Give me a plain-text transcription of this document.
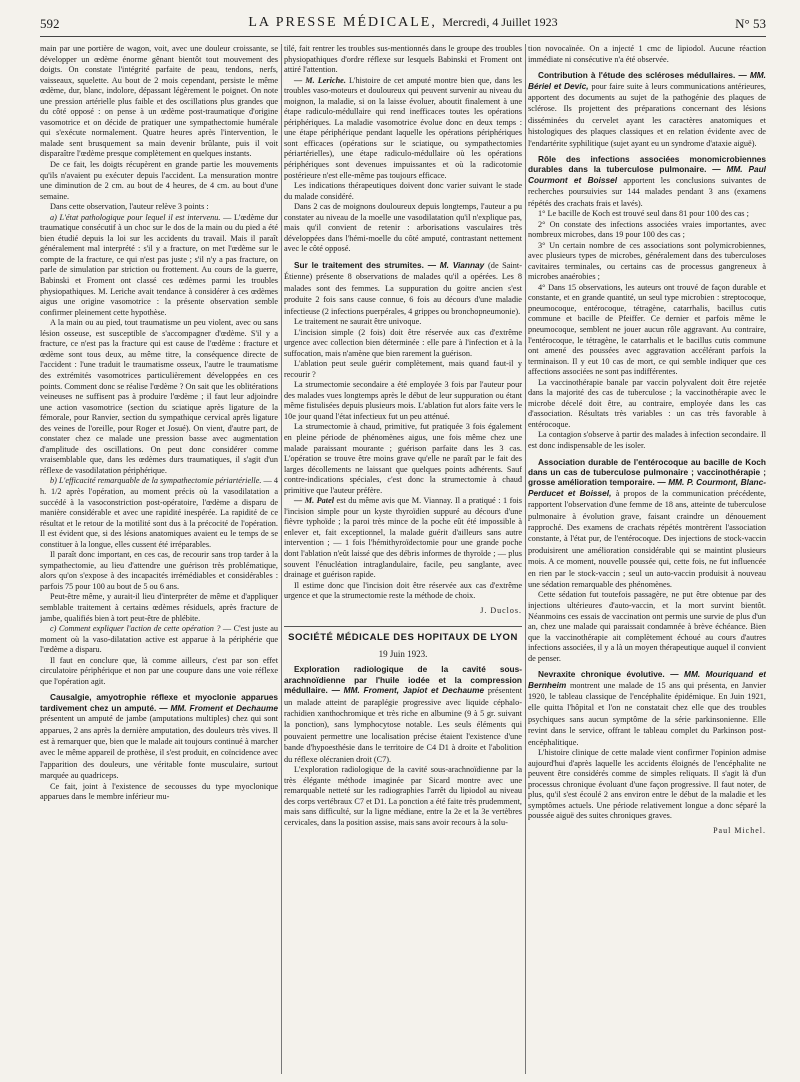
592	LA PRESSE MÉDICALE, Mercredi, 4 Juillet 1923	N° 53

main par une portière de wagon, voit, avec une douleur croissante, se développer un œdème énorme gênant bientôt tout mouvement des doigts. On constate l'intégrité parfaite de peau, tendons, nerfs, vaisseaux, squelette. Au bout de 2 mois cependant, persiste le même œdème, dur, blanc, indolore, dépassant légèrement le poignet. On note une pression artérielle plus faible et des oscillations plus grandes que du côté opposé : on pense à un œdème post-traumatique d'origine vasomotrice et on décide de pratiquer une sympathectomie humérale qui s'exécute normalement. Quatre heures après l'intervention, le malade sent brusquement sa main devenir brûlante, puis il voit disparaître l'œdème presque complètement en quelques instants.

De ce fait, les doigts récupèrent en grande partie les mouvements qu'ils n'avaient pu exécuter depuis l'accident. La mensuration montre une diminution de 2 cm. au bout de 4 heures, de 4 cm. au bout d'une semaine.

Dans cette observation, l'auteur relève 3 points :

a) L'état pathologique pour lequel il est intervenu. — L'œdème dur traumatique consécutif à un choc sur le dos de la main ou du pied a été bien étudié depuis la loi sur les accidents du travail. Mais il paraît généralement mal interprété : s'il y a fracture, on met l'œdème sur le compte de la fracture, ce qui n'est pas juste ; s'il n'y a pas fracture, on parle de simulation par striction ou frottement. Au cours de la guerre, Babinski et Froment ont classé ces œdèmes parmi les troubles physiopathiques. M. Leriche avait tendance à considérer à ces œdèmes aigus une origine vasomotrice : la présente observation semble confirmer pleinement cette hypothèse.

A la main ou au pied, tout traumatisme un peu violent, avec ou sans lésion osseuse, est susceptible de s'accompagner d'œdème. S'il y a fracture, ce n'est pas la fracture qui est cause de l'œdème : fracture et œdème sont tous deux, au même titre, la conséquence directe de l'accident : l'une traduit le traumatisme osseux, l'autre le traumatisme des extrémités vasomotrices particulièrement développées en ces points. Comment donc se réalise l'œdème ? On sait que les oblitérations veineuses ne suffisent pas à produire l'œdème ; il faut leur adjoindre une action vasomotrice (section du sciatique après ligature de la fémorale, pour Ranvier, section du sympathique cervical après ligature des veines de l'oreille, pour Roger et Josué). On vient, d'autre part, de constater chez ce malade une pression basse avec augmentation d'amplitude des oscillations. On peut donc considérer comme vraisemblable que, dans les œdèmes durs traumatiques, il s'agit d'un réflexe de vasodilatation périphérique.

b) L'efficacité remarquable de la sympathectomie périartérielle. — 4 h. 1/2 après l'opération, au moment précis où la vasodilatation a succédé à la vasoconstriction post-opératoire, l'œdème a disparu de manière considérable et avec une rapidité inespérée. La rapidité de ce résultat et le retour de la motilité sont dus à la précocité de l'opération. Il est évident que, si des lésions anatomiques avaient eu le temps de se constituer à la longue, elles cussent été irréparables.

Il paraît donc important, en ces cas, de recourir sans trop tarder à la sympathectomie, au lieu d'attendre une guérison très problématique, alors qu'on s'expose à des incapacités irrémédiables et considérables : parfois 75 pour 100 au bout de 5 ou 6 ans.

Peut-être même, y aurait-il lieu d'interpréter de même et d'appliquer semblable traitement à certains œdèmes résiduels, après fracture de jambe, qualifiés bien à tort peut-être de phlébite.

c) Comment expliquer l'action de cette opération ? — C'est juste au moment où la vaso-dilatation active est apparue à la périphérie que l'œdème a disparu.

Il faut en conclure que, là comme ailleurs, c'est par son effet circulatoire périphérique et non par une coupure dans une voie réflexe que l'opération agit.

Causalgie, amyotrophie réflexe et myoclonie apparues tardivement chez un amputé. — MM. Froment et Dechaume présentent un amputé de jambe (amputations multiples) chez qui sont apparues, 2 ans après la dernière amputation, des douleurs très vives. Il est à remarquer que, bien que le malade ait toujours continué à marcher avec le même appareil de prothèse, il s'est produit, en coïncidence avec l'apparition des douleurs, une véritable fonte musculaire, surtout marquée au quadriceps.

Ce fait, joint à l'existence de secousses du type myoclonique apparues dans le membre inférieur mu-

tilé, fait rentrer les troubles sus-mentionnés dans le groupe des troubles physiopathiques d'ordre réflexe sur lesquels Babinski et Froment ont attiré l'attention.

— M. Leriche. L'histoire de cet amputé montre bien que, dans les troubles vaso-moteurs et douloureux qui peuvent survenir au niveau du moignon, la maladie, si on la laisse évoluer, aboutit finalement à une étape radiculo-médullaire qui rend inefficaces toutes les opérations périphériques. La maladie vasomotrice évolue donc en deux temps : une étape périphérique pendant laquelle les opérations périphériques sont efficaces (opérations sur le sciatique, ou sympathectomies périartérielles), une étape radiculo-médullaire où les opérations périphériques sont devenues impuissantes et où la radicotomie postérieure n'est elle-même pas toujours efficace.

Les indications thérapeutiques doivent donc varier suivant le stade du malade considéré.

Dans 2 cas de moignons douloureux depuis longtemps, l'auteur a pu constater au niveau de la moelle une vasodilatation qu'il n'explique pas, mais qu'il convient de retenir : arborisations vasculaires très développées dans l'hémi-moelle du côté amputé, contrastant nettement avec le côté opposé.

Sur le traitement des strumites. — M. Viannay (de Saint-Étienne) présente 8 observations de malades qu'il a opérées. Les 8 malades sont des femmes. La suppuration du goitre ancien s'est produite 2 fois sans cause connue, 6 fois au décours d'une maladie infectieuse (2 infections puerpérales, 4 grippes ou bronchopneumonie).

Le traitement ne saurait être univoque.

L'incision simple (2 fois) doit être réservée aux cas d'extrême urgence avec collection bien déterminée : elle pare à l'infection et à la suffocation, mais n'amène que bien rarement la guérison.

L'ablation peut seule guérir complètement, mais quand faut-il y recourir ?

La strumectomie secondaire a été employée 3 fois par l'auteur pour des malades vues longtemps après le début de leur suppuration ou étant même fistulisées depuis plusieurs mois. L'ablation fut alors faite vers le 10e jour quand l'état infectieux fut un peu atténué.

La strumectomie à chaud, primitive, fut pratiquée 3 fois également en pleine période de phénomènes aigus, une fois même chez une malade paraissant mourante ; guérison parfaite dans les 3 cas. L'opération se trouve être moins grave qu'elle ne paraît par le fait des larges décollements ne laissant que quelques points adhérents. Sauf contre-indications spéciales, c'est donc la strumectomie à chaud primitive que l'auteur préfère.

— M. Patel est du même avis que M. Viannay. Il a pratiqué : 1 fois l'incision simple pour un kyste thyroïdien suppuré au décours d'une fièvre typhoïde ; la paroi très mince de la poche eût été impossible à enlever et, fait exceptionnel, la malade guérit d'ailleurs sans autre intervention ; — 1 fois l'hémithyroïdectomie pour une grande poche dont l'ablation n'eût laissé que des débris informes de thyroïde ; — plus souvent l'énucléation intraglandulaire, facile, peu sanglante, avec drainage et guérison rapide.

Il estime donc que l'incision doit être réservée aux cas d'extrême urgence et que la strumectomie reste la méthode de choix.

J. Duclos.
SOCIÉTÉ MÉDICALE DES HOPITAUX DE LYON
19 Juin 1923.

Exploration radiologique de la cavité sous-arachnoïdienne par l'huile iodée et la compression médullaire. — MM. Froment, Japiot et Dechaume présentent un malade atteint de paraplégie progressive avec liquide céphalo-rachidien xanthochromique et très riche en albumine (9 à 5 gr. suivant la ponction), sans lymphocytose notable. Les seuls éléments qui pouvaient permettre une localisation précise étaient l'existence d'une bande d'hypoesthésie dans le territoire de C4 D1 à droite et l'abolition du réflexe olécranien droit (C7).

L'exploration radiologique de la cavité sous-arachnoïdienne par la très élégante méthode imaginée par Sicard montre avec une remarquable netteté sur les radiographies l'arrêt du lipiodol au niveau des corps vertébraux C7 et D1. La ponction a été faite très prudemment, mais sans difficulté, sur la ligne médiane, entre la 2e et la 3e vertèbres cervicales, dans la position assise, mais sans avoir recours à la solu-

tion novocaïnée. On a injecté 1 cmc de lipiodol. Aucune réaction immédiate ni consécutive n'a été observée.

Contribution à l'étude des scléroses médullaires. — MM. Bériel et Devic, pour faire suite à leurs communications antérieures, apportent des documents au sujet de la pathogénie des plaques de sclérose. Ils projettent des préparations concernant des lésions disséminées du cervelet ayant les caractères anatomiques et histologiques des plaques classiques et en relation évidente avec de l'endartérite syphilitique (sujet ayant eu un syndrome d'ataxie aiguë).

Rôle des infections associées monomicrobiennes durables dans la tuberculose pulmonaire. — MM. Paul Courmont et Boissel apportent les conclusions suivantes de recherches poursuivies sur 144 malades pendant 3 ans (examens répétés des crachats frais et lavés).

1° Le bacille de Koch est trouvé seul dans 81 pour 100 des cas ;

2° On constate des infections associées vraies importantes, avec nombreux microbes, dans 19 pour 100 des cas ;

3° Un certain nombre de ces associations sont polymicrobiennes, avec plusieurs types de microbes, généralement dans des tuberculoses cavitaires terminales, ou certains cas de processus gangreneux à microbes anaérobies ;

4° Dans 15 observations, les auteurs ont trouvé de façon durable et constante, et en grande quantité, un seul type microbien : streptocoque, pneumocoque, entérocoque, tétragène, catarrhalis, bacillus cutis commune et bacille de Pfeiffer. Ce dernier et parfois même le pneumocoque, semblent ne jouer aucun rôle aggravant. Au contraire, l'entérocoque, le tétragène, le catarrhalis et le bacillus cutis commune ont amené des poussées avec aggravation accélérant parfois la terminaison. Il y eut 10 cas de mort, ce qui semble indiquer que ces affections associées ne sont pas indifférentes.

La vaccinothérapie banale par vaccin polyvalent doit être rejetée dans la majorité des cas de tuberculose ; la vaccinothérapie avec le microbe décelé doit être, au contraire, employée dans les cas d'association. Résultats très variables : un cas très favorable à entérocoque.

La contagion s'observe à partir des malades à infection secondaire. Il est donc indispensable de les isoler.

Association durable de l'entérocoque au bacille de Koch dans un cas de tuberculose pulmonaire ; vaccinothérapie ; grosse amélioration temporaire. — MM. P. Courmont, Blanc-Perducet et Boissel, à propos de la communication précédente, rapportent l'observation d'une femme de 18 ans, atteinte de tuberculose pulmonaire à évolution grave, faisant craindre un dénouement rapproché. Des examens de crachats répétés montrèrent l'association constante, à l'état pur, de l'entérocoque. Des injections de stock-vaccin produisirent une amélioration considérable qui se maintint plusieurs mois. A ce moment, nouvelle poussée qui, cette fois, ne fut influencée en rien par le stock-vaccin ; seul un auto-vaccin produisit à nouveau une sédation remarquable des phénomènes.

Cette sédation fut toutefois passagère, ne put être obtenue par des injections ultérieures d'auto-vaccin, et la mort survint bientôt. Néanmoins ces essais de vaccination ont permis une survie de plus d'un an, chez une malade qui paraissait condamnée à brève échéance. Bien que la vaccinothérapie ait complètement échoué au cours d'autres infections associées, il y a là un moyen thérapeutique auquel il convient de penser.

Nevraxite chronique évolutive. — MM. Mouriquand et Bernheim montrent une malade de 15 ans qui présenta, en Janvier 1920, le tableau classique de l'encéphalite épidémique. En Juin 1921, elle quitta l'hôpital et l'on ne constatait chez elle que des troubles psychiques sans aucun symptôme de la série parkinsonienne. Elle revint dans le service, offrant le tableau complet du Parkinson post-encéphalitique.

L'histoire clinique de cette malade vient confirmer l'opinion admise aujourd'hui d'après laquelle les accidents éloignés de l'encéphalite ne peuvent être considérés comme de simples reliquats. Il s'agit là d'un processus chronique évoluant d'une façon progressive. Il faut noter, de plus, qu'il s'est écoulé 2 ans environ entre le début de la maladie et les symptômes actuels. Une période relativement longue a donc séparé la poussée aiguë des suites chroniques graves.

Paul Michel.
